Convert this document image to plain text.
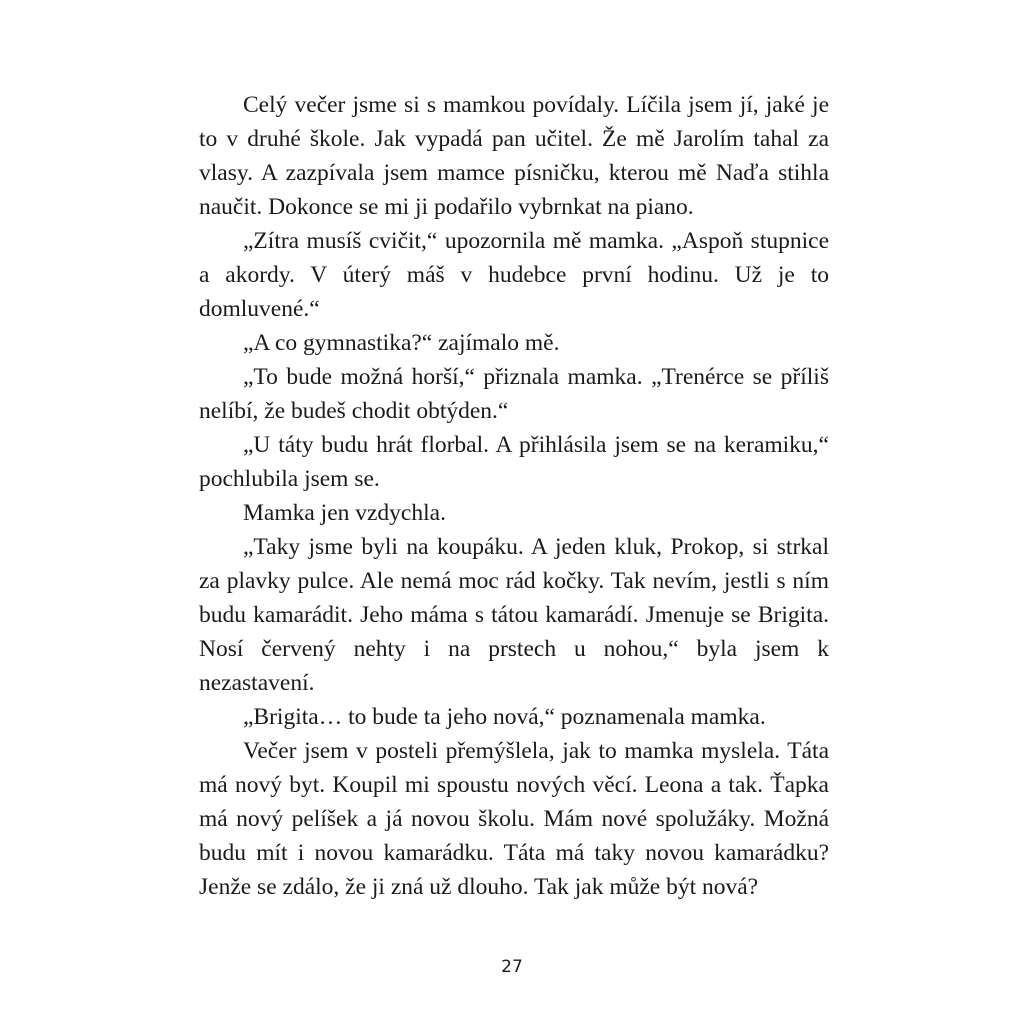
Celý večer jsme si s mamkou povídaly. Líčila jsem jí, jaké je to v druhé škole. Jak vypadá pan učitel. Že mě Jarolím tahal za vlasy. A zazpívala jsem mamce písničku, kterou mě Naďa stihla naučit. Dokonce se mi ji podařilo vybrnkat na piano.

„Zítra musíš cvičit,“ upozornila mě mamka. „Aspoň stupnice a akordy. V úterý máš v hudebce první hodinu. Už je to domluvené.“

„A co gymnastika?“ zajímalo mě.

„To bude možná horší,“ přiznala mamka. „Trenérce se příliš nelíbí, že budeš chodit obtýden.“

„U táty budu hrát florbal. A přihlásila jsem se na keramiku,“ pochlubila jsem se.

Mamka jen vzdychla.

„Taky jsme byli na koupáku. A jeden kluk, Prokop, si strkal za plavky pulce. Ale nemá moc rád kočky. Tak nevím, jestli s ním budu kamarádit. Jeho máma s tátou kamarádí. Jmenuje se Brigita. Nosí červený nehty i na prstech u nohou,“ byla jsem k nezastavení.

„Brigita… to bude ta jeho nová,“ poznamenala mamka.

Večer jsem v posteli přemýšlela, jak to mamka myslela. Táta má nový byt. Koupil mi spoustu nových věcí. Leona a tak. Ťapka má nový pelíšek a já novou školu. Mám nové spolužáky. Možná budu mít i novou kamarádku. Táta má taky novou kamarádku? Jenže se zdálo, že ji zná už dlouho. Tak jak může být nová?

27
